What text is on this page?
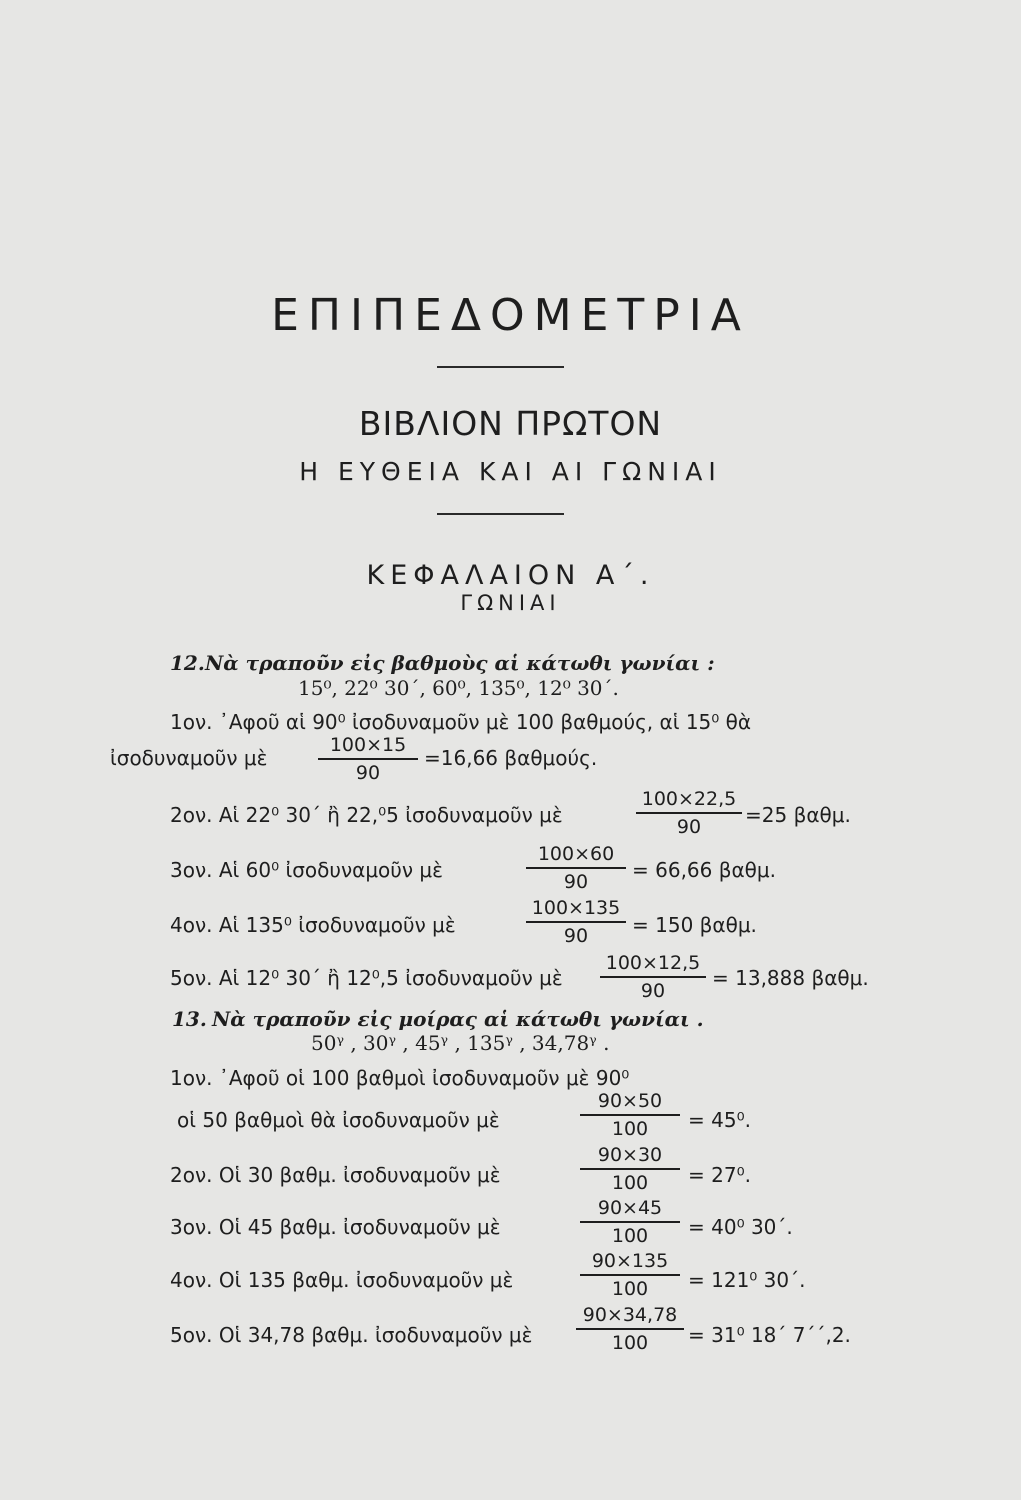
ΕΠΙΠΕΔΟΜΕΤΡΙΑ
ΒΙΒΛΙΟΝ ΠΡΩΤΟΝ
Η ΕΥΘΕΙΑ ΚΑΙ ΑΙ ΓΩΝΙΑΙ
ΚΕΦΑΛΑΙΟΝ Α΄.
ΓΩΝΙΑΙ
12. Νὰ τραποῦν εἰς βαθμοὺς αἱ κάτωθι γωνίαι :
15⁰, 22⁰ 30΄, 60⁰, 135⁰, 12⁰ 30΄.
1ον. ᾿Αφοῦ αἱ 90⁰ ἰσοδυναμοῦν μὲ 100 βαθμούς, αἱ 15⁰ θὰ
ἰσοδυναμοῦν μὲ
100×15
90
=16,66 βαθμούς.
2ον. Αἱ 22⁰ 30΄ ἢ 22,⁰5 ἰσοδυναμοῦν μὲ
100×22,5
90	=25 βαθμ.
3ον. Αἱ 60⁰ ἰσοδυναμοῦν μὲ
100×60
90	= 66,66 βαθμ.
4ον. Αἱ 135⁰ ἰσοδυναμοῦν μὲ
100×135
90	= 150 βαθμ.
5ον. Αἱ 12⁰ 30΄ ἢ 12⁰,5 ἰσοδυναμοῦν μὲ
100×12,5
90
= 13,888 βαθμ.
13. Νὰ τραποῦν εἰς μοίρας αἱ κάτωθι γωνίαι .
50ᵞ , 30ᵞ , 45ᵞ , 135ᵞ , 34,78ᵞ .
1ον. ᾿Αφοῦ οἱ 100 βαθμοὶ ἰσοδυναμοῦν μὲ 90⁰
οἱ 50 βαθμοὶ θὰ ἰσοδυναμοῦν μὲ
90×50
100	= 45⁰.
2ον. Οἱ 30 βαθμ. ἰσοδυναμοῦν μὲ
90×30
100	= 27⁰.
3ον. Οἱ 45 βαθμ. ἰσοδυναμοῦν μὲ
90×45
100	= 40⁰ 30΄.
4ον. Οἱ 135 βαθμ. ἰσοδυναμοῦν μὲ
90×135
100	= 121⁰ 30΄.
5ον. Οἱ 34,78 βαθμ. ἰσοδυναμοῦν μὲ
90×34,78
100	= 31⁰ 18΄ 7΄΄,2.
